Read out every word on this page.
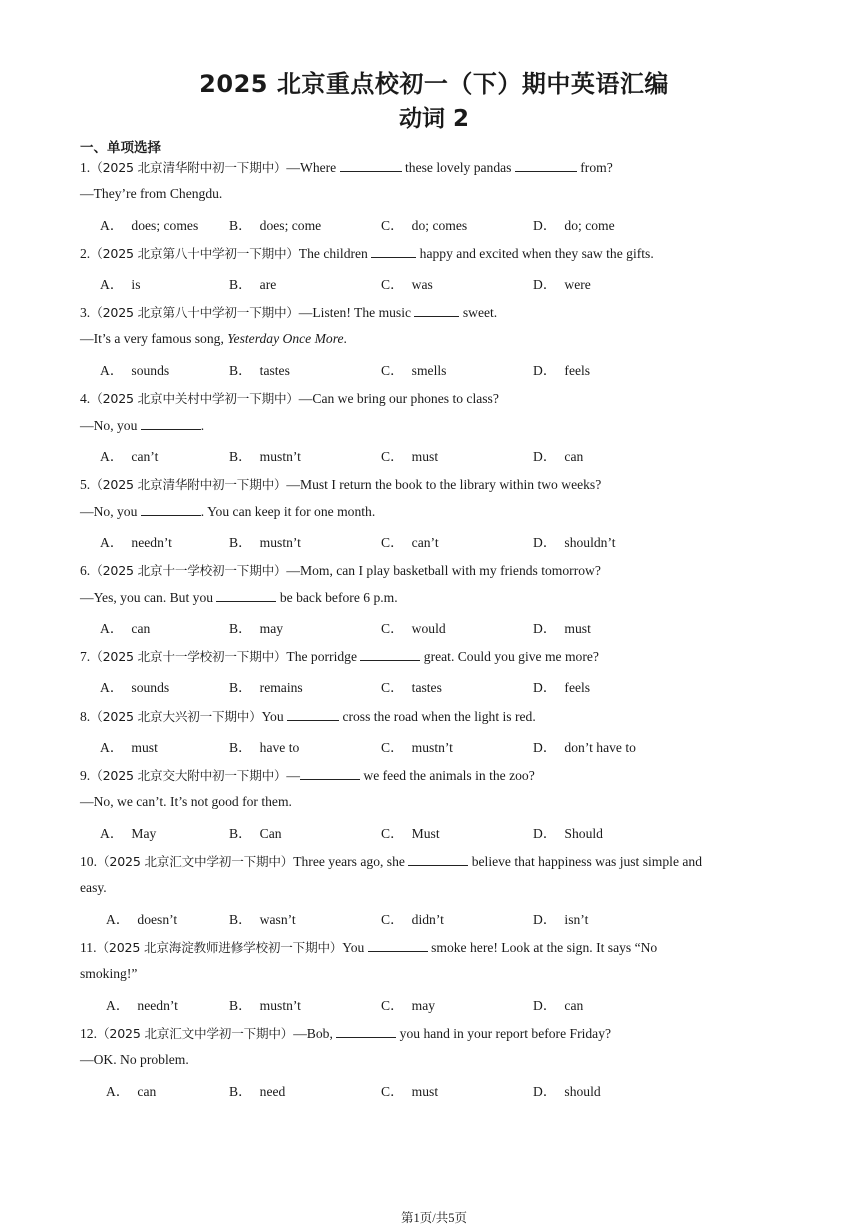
2025 北京重点校初一（下）期中英语汇编
动词 2
一、单项选择
1.（2025 北京清华附中初一下期中）—Where	these lovely pandas	from?
—They’re from Chengdu.
A． does; comes B． does; come	C． do; comes	D． do; come
2.（2025 北京第八十中学初一下期中）The children	happy and excited when they saw the gifts.
A． is	B． are	C． was	D． were
3.（2025 北京第八十中学初一下期中）—Listen! The music	sweet.
—It’s a very famous song, Yesterday Once More.
A． sounds	B． tastes	C． smells	D． feels
4.（2025 北京中关村中学初一下期中）—Can we bring our phones to class?
—No, you	.
A． can’t	B． mustn’t	C． must	D． can
5.（2025 北京清华附中初一下期中）—Must I return the book to the library within two weeks?
—No, you	. You can keep it for one month.
A． needn’t	B． mustn’t	C． can’t	D． shouldn’t
6.（2025 北京十一学校初一下期中）—Mom, can I play basketball with my friends tomorrow?
—Yes, you can. But you	be back before 6 p.m.
A． can	B． may	C． would	D． must
7.（2025 北京十一学校初一下期中）The porridge	great. Could you give me more?
A． sounds	B． remains	C． tastes	D． feels
8.（2025 北京大兴初一下期中）You	cross the road when the light is red.
A． must	B． have to	C． mustn’t	D． don’t have to
9.（2025 北京交大附中初一下期中）—	we feed the animals in the zoo?
—No, we can’t. It’s not good for them.
A． May	B． Can	C． Must	D． Should
10.（2025 北京汇文中学初一下期中）Three years ago, she	believe that happiness was just simple and
easy.
A． doesn’t	B． wasn’t	C． didn’t	D． isn’t
11.（2025 北京海淀教师进修学校初一下期中）You	smoke here! Look at the sign. It says “No
smoking!”
A． needn’t	B． mustn’t	C． may	D． can
12.（2025 北京汇文中学初一下期中）—Bob,	you hand in your report before Friday?
—OK. No problem.
A． can	B． need	C． must	D． should
第1页/共5页
